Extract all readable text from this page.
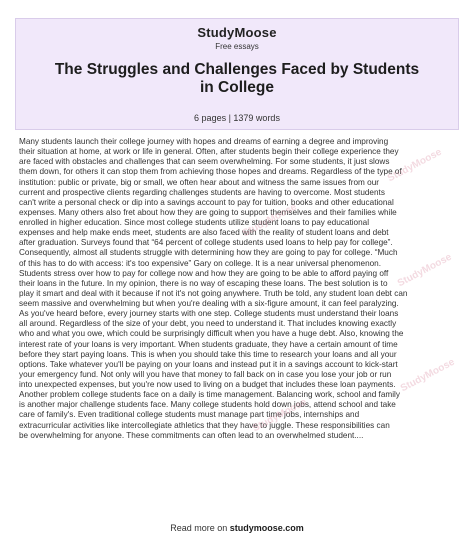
StudyMoose
Free essays
The Struggles and Challenges Faced by Students in College
6 pages | 1379 words
Many students launch their college journey with hopes and dreams of earning a degree and improving
their situation at home, at work or life in general. Often, after students begin their college experience they
are faced with obstacles and challenges that can seem overwhelming. For some students, it just slows
them down, for others it can stop them from achieving those hopes and dreams. Regardless of the type of
institution: public or private, big or small, we often hear about and witness the same issues from our
current and prospective clients regarding challenges students are having to overcome. Most students
can't write a personal check or dip into a savings account to pay for tuition, books and other educational
expenses. Many others also fret about how they are going to support themselves and their families while
enrolled in higher education. Since most college students utilize student loans to pay educational
expenses and help make ends meet, students are also faced with the reality of student loans and debt
after graduation. Surveys found that “64 percent of college students used loans to help pay for college”.
Consequently, almost all students struggle with determining how they are going to pay for college. “Much
of this has to do with access: it's too expensive” Gary on college. It is a near universal phenomenon.
Students stress over how to pay for college now and how they are going to be able to afford paying off
their loans in the future. In my opinion, there is no way of escaping these loans. The best solution is to
play it smart and deal with it because if not it's not going anywhere. Truth be told, any student loan debt can
seem massive and overwhelming but when you're dealing with a six-figure amount, it can feel paralyzing.
As you've heard before, every journey starts with one step. College students must understand their loans
all around. Regardless of the size of your debt, you need to understand it. That includes knowing exactly
who and what you owe, which could be surprisingly difficult when you have a huge debt. Also, knowing the
interest rate of your loans is very important. When students graduate, they have a certain amount of time
before they start paying loans. This is when you should take this time to research your loans and all your
options. Take whatever you'll be paying on your loans and instead put it in a savings account to kick-start
your emergency fund. Not only will you have that money to fall back on in case you lose your job or run
into unexpected expenses, but you're now used to living on a budget that includes these loan payments.
Another problem college students face on a daily is time management. Balancing work, school and family
is another major challenge students face. Many college students hold down jobs, attend school and take
care of family's. Even traditional college students must manage part time jobs, internships and
extracurricular activities like intercollegiate athletics that they have to juggle. These responsibilities can
be overwhelming for anyone. These commitments can often lead to an overwhelmed student....
StudyMoose
StudyMoose
StudyMoose
StudyMoose
StudyMoose
Read more on studymoose.com
